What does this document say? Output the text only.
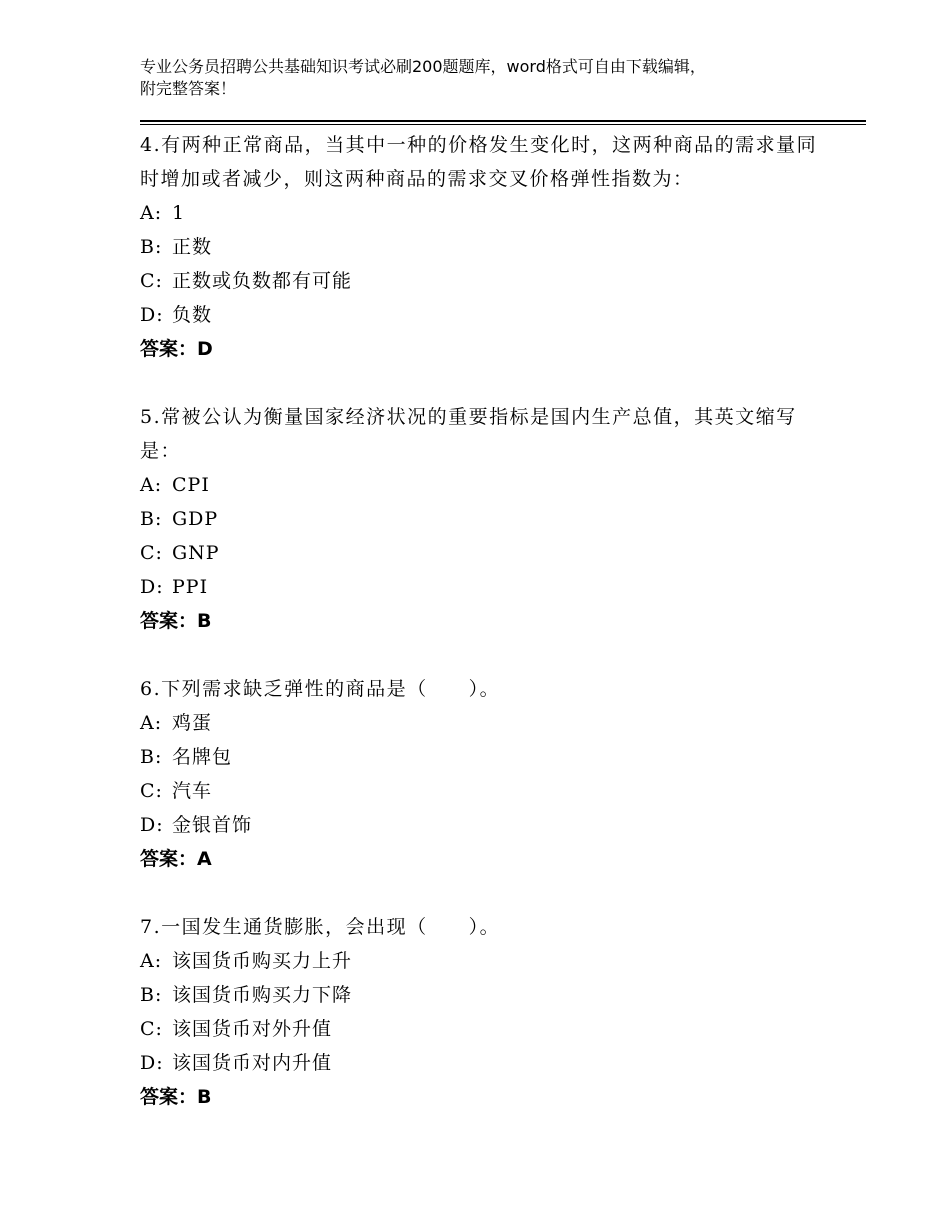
专业公务员招聘公共基础知识考试必刷200题题库，word格式可自由下载编辑，
附完整答案！
4.有两种正常商品，当其中一种的价格发生变化时，这两种商品的需求量同时增加或者减少，则这两种商品的需求交叉价格弹性指数为：
A: 1
B: 正数
C: 正数或负数都有可能
D: 负数
答案：D
5.常被公认为衡量国家经济状况的重要指标是国内生产总值，其英文缩写是：
A: CPI
B: GDP
C: GNP
D: PPI
答案：B
6.下列需求缺乏弹性的商品是（　　）。
A: 鸡蛋
B: 名牌包
C: 汽车
D: 金银首饰
答案：A
7.一国发生通货膨胀，会出现（　　）。
A: 该国货币购买力上升
B: 该国货币购买力下降
C: 该国货币对外升值
D: 该国货币对内升值
答案：B
